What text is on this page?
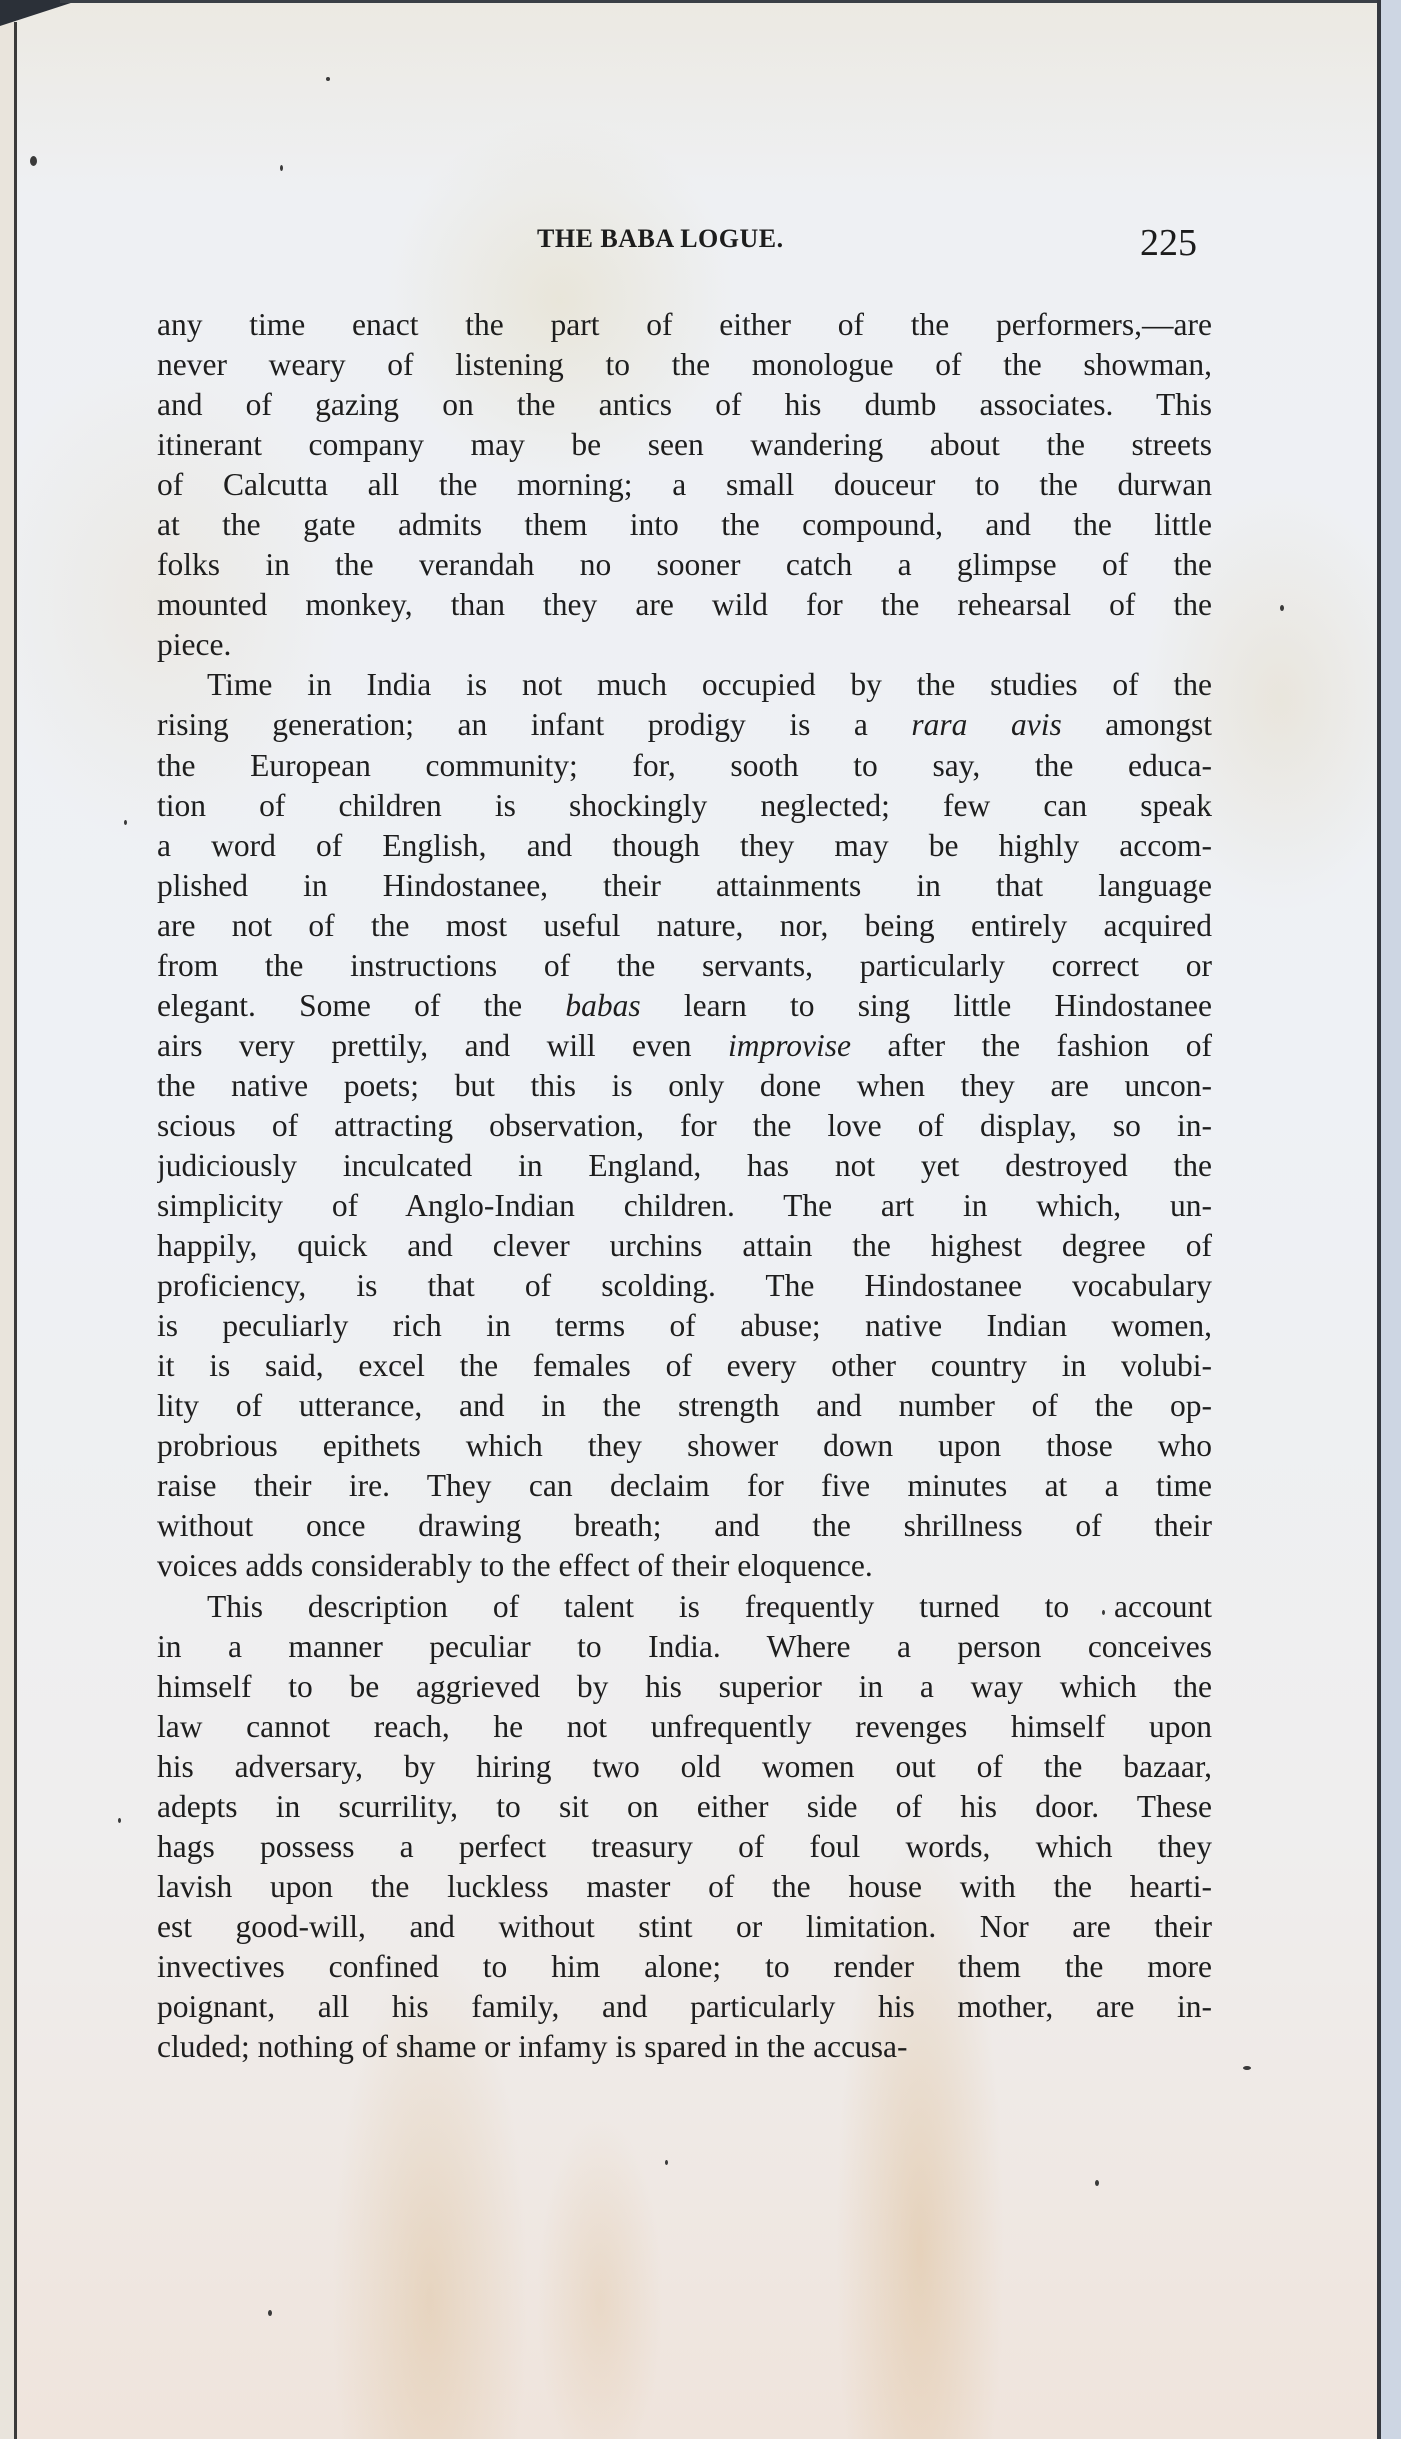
THE BABA LOGUE.	225
any time enact the part of either of the performers,—are
never weary of listening to the monologue of the showman,
and of gazing on the antics of his dumb associates. This
itinerant company may be seen wandering about the streets
of Calcutta all the morning; a small douceur to the durwan
at the gate admits them into the compound, and the little
folks in the verandah no sooner catch a glimpse of the
mounted monkey, than they are wild for the rehearsal of the
piece.
Time in India is not much occupied by the studies of the
rising generation; an infant prodigy is a rara avis amongst
the European community; for, sooth to say, the educa-
tion of children is shockingly neglected; few can speak
a word of English, and though they may be highly accom-
plished in Hindostanee, their attainments in that language
are not of the most useful nature, nor, being entirely acquired
from the instructions of the servants, particularly correct or
elegant. Some of the babas learn to sing little Hindostanee
airs very prettily, and will even improvise after the fashion of
the native poets; but this is only done when they are uncon-
scious of attracting observation, for the love of display, so in-
judiciously inculcated in England, has not yet destroyed the
simplicity of Anglo-Indian children. The art in which, un-
happily, quick and clever urchins attain the highest degree of
proficiency, is that of scolding. The Hindostanee vocabulary
is peculiarly rich in terms of abuse; native Indian women,
it is said, excel the females of every other country in volubi-
lity of utterance, and in the strength and number of the op-
probrious epithets which they shower down upon those who
raise their ire. They can declaim for five minutes at a time
without once drawing breath; and the shrillness of their
voices adds considerably to the effect of their eloquence.
This description of talent is frequently turned to account
in a manner peculiar to India. Where a person conceives
himself to be aggrieved by his superior in a way which the
law cannot reach, he not unfrequently revenges himself upon
his adversary, by hiring two old women out of the bazaar,
adepts in scurrility, to sit on either side of his door. These
hags possess a perfect treasury of foul words, which they
lavish upon the luckless master of the house with the hearti-
est good-will, and without stint or limitation. Nor are their
invectives confined to him alone; to render them the more
poignant, all his family, and particularly his mother, are in-
cluded; nothing of shame or infamy is spared in the accusa-
